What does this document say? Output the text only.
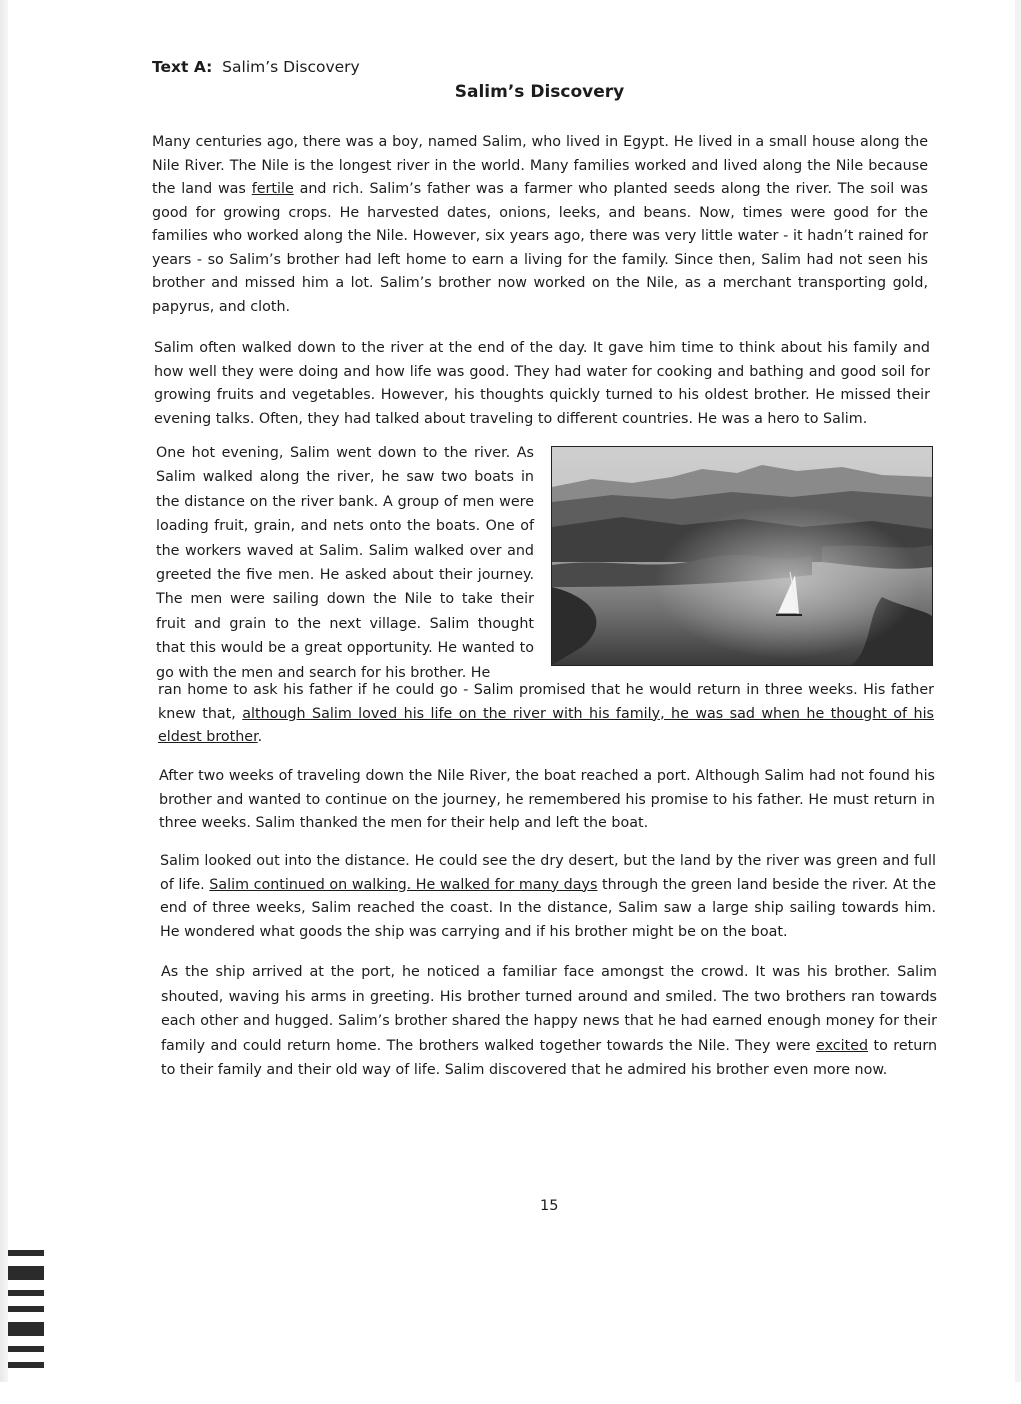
Text A: Salim’s Discovery
Salim’s Discovery

Many centuries ago, there was a boy, named Salim, who lived in Egypt. He lived in a small house along the Nile River. The Nile is the longest river in the world. Many families worked and lived along the Nile because the land was fertile and rich. Salim’s father was a farmer who planted seeds along the river. The soil was good for growing crops. He harvested dates, onions, leeks, and beans. Now, times were good for the families who worked along the Nile. However, six years ago, there was very little water - it hadn’t rained for years - so Salim’s brother had left home to earn a living for the family. Since then, Salim had not seen his brother and missed him a lot. Salim’s brother now worked on the Nile, as a merchant transporting gold, papyrus, and cloth.

Salim often walked down to the river at the end of the day. It gave him time to think about his family and how well they were doing and how life was good. They had water for cooking and bathing and good soil for growing fruits and vegetables. However, his thoughts quickly turned to his oldest brother. He missed their evening talks. Often, they had talked about traveling to different countries. He was a hero to Salim.

One hot evening, Salim went down to the river. As Salim walked along the river, he saw two boats in the distance on the river bank. A group of men were loading fruit, grain, and nets onto the boats. One of the workers waved at Salim. Salim walked over and greeted the five men. He asked about their journey. The men were sailing down the Nile to take their fruit and grain to the next village. Salim thought that this would be a great opportunity. He wanted to go with the men and search for his brother. He

ran home to ask his father if he could go - Salim promised that he would return in three weeks. His father knew that, although Salim loved his life on the river with his family, he was sad when he thought of his eldest brother.

After two weeks of traveling down the Nile River, the boat reached a port. Although Salim had not found his brother and wanted to continue on the journey, he remembered his promise to his father. He must return in three weeks. Salim thanked the men for their help and left the boat.

Salim looked out into the distance. He could see the dry desert, but the land by the river was green and full of life. Salim continued on walking. He walked for many days through the green land beside the river. At the end of three weeks, Salim reached the coast. In the distance, Salim saw a large ship sailing towards him. He wondered what goods the ship was carrying and if his brother might be on the boat.

As the ship arrived at the port, he noticed a familiar face amongst the crowd. It was his brother. Salim shouted, waving his arms in greeting. His brother turned around and smiled. The two brothers ran towards each other and hugged. Salim’s brother shared the happy news that he had earned enough money for their family and could return home. The brothers walked together towards the Nile. They were excited to return to their family and their old way of life. Salim discovered that he admired his brother even more now.

15
